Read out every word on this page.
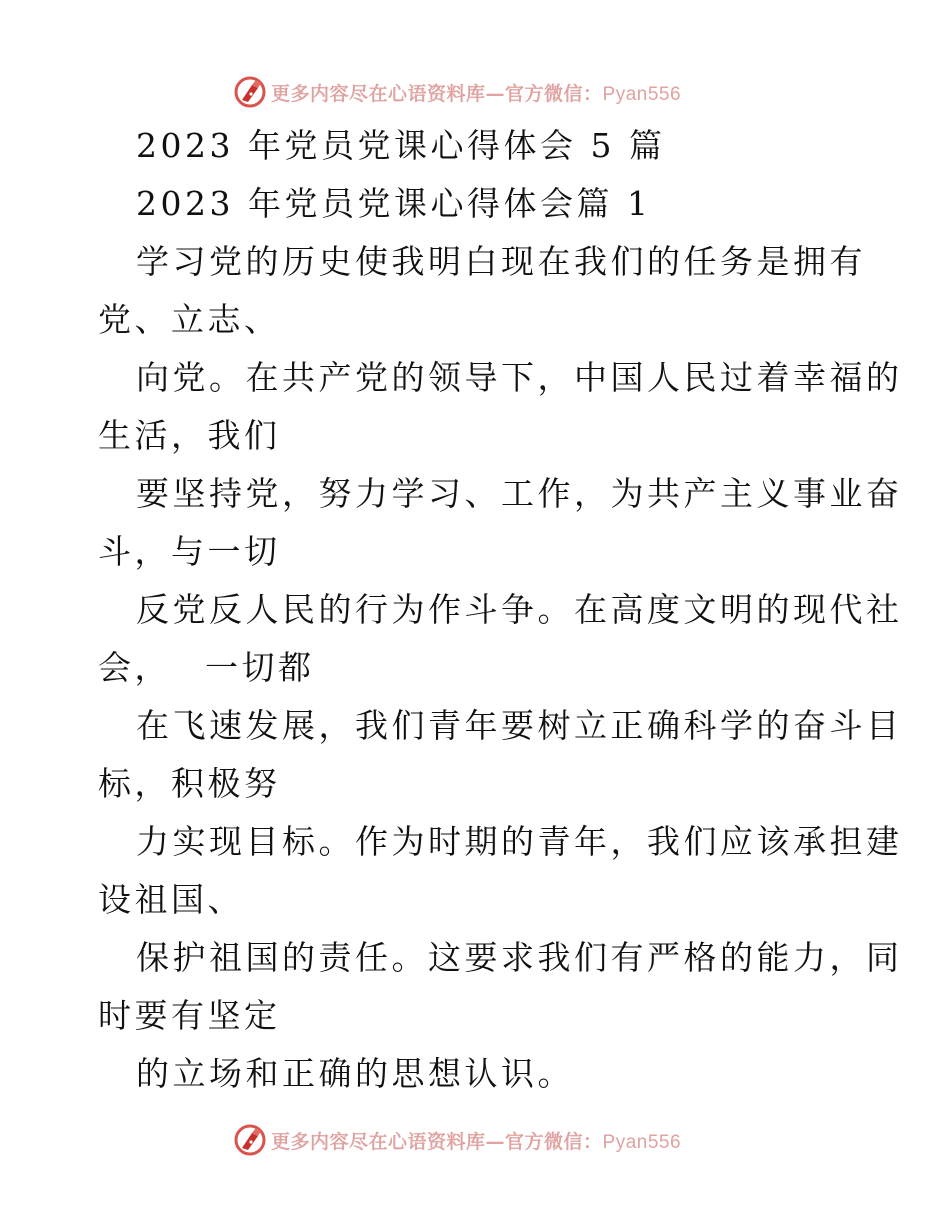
更多内容尽在心语资料库—官方微信：Pyan556
2023 年党员党课心得体会 5 篇
2023 年党员党课心得体会篇 1
学习党的历史使我明白现在我们的任务是拥有
党、立志、
向党。在共产党的领导下，中国人民过着幸福的
生活，我们
要坚持党，努力学习、工作，为共产主义事业奋
斗，与一切
反党反人民的行为作斗争。在高度文明的现代社
会，　 一切都
在飞速发展，我们青年要树立正确科学的奋斗目
标，积极努
力实现目标。作为时期的青年，我们应该承担建
设祖国、
保护祖国的责任。这要求我们有严格的能力，同
时要有坚定
的立场和正确的思想认识。
更多内容尽在心语资料库—官方微信：Pyan556
